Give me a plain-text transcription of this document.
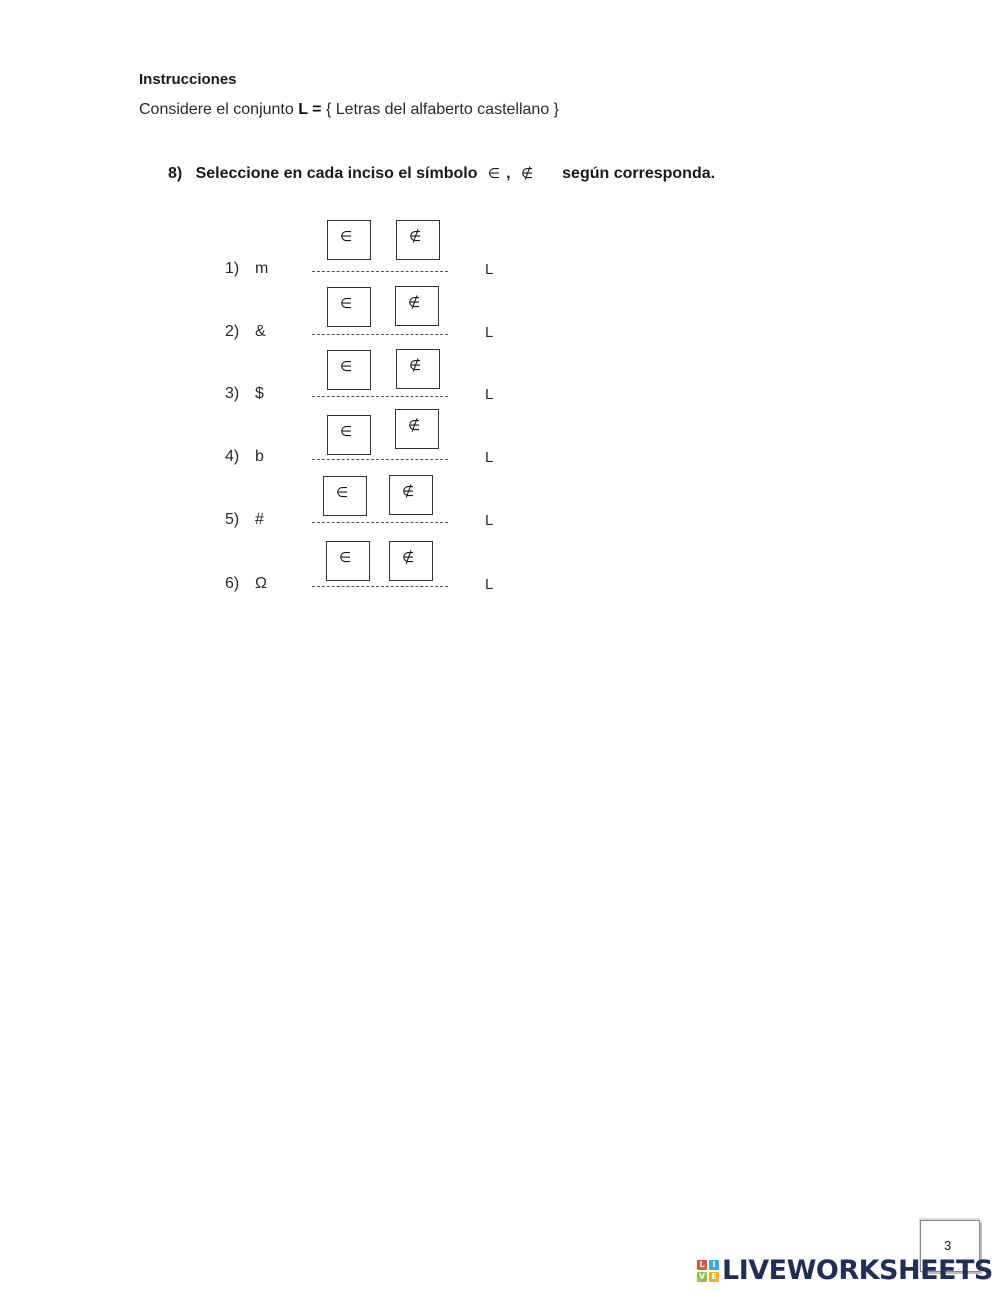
Instrucciones
Considere el conjunto L = { Letras del alfaberto castellano }
8) Seleccione en cada inciso el símbolo ∈ , ∉ según corresponda.
1) m	L
∈	∉
2) &	L
∈	∉
3) $	L
∈	∉
4) b	L
∈	∉
5) #	L
∈	∉
6) Ω	L
∈	∉
3
L I
V E LIVEWORKSHEETS
